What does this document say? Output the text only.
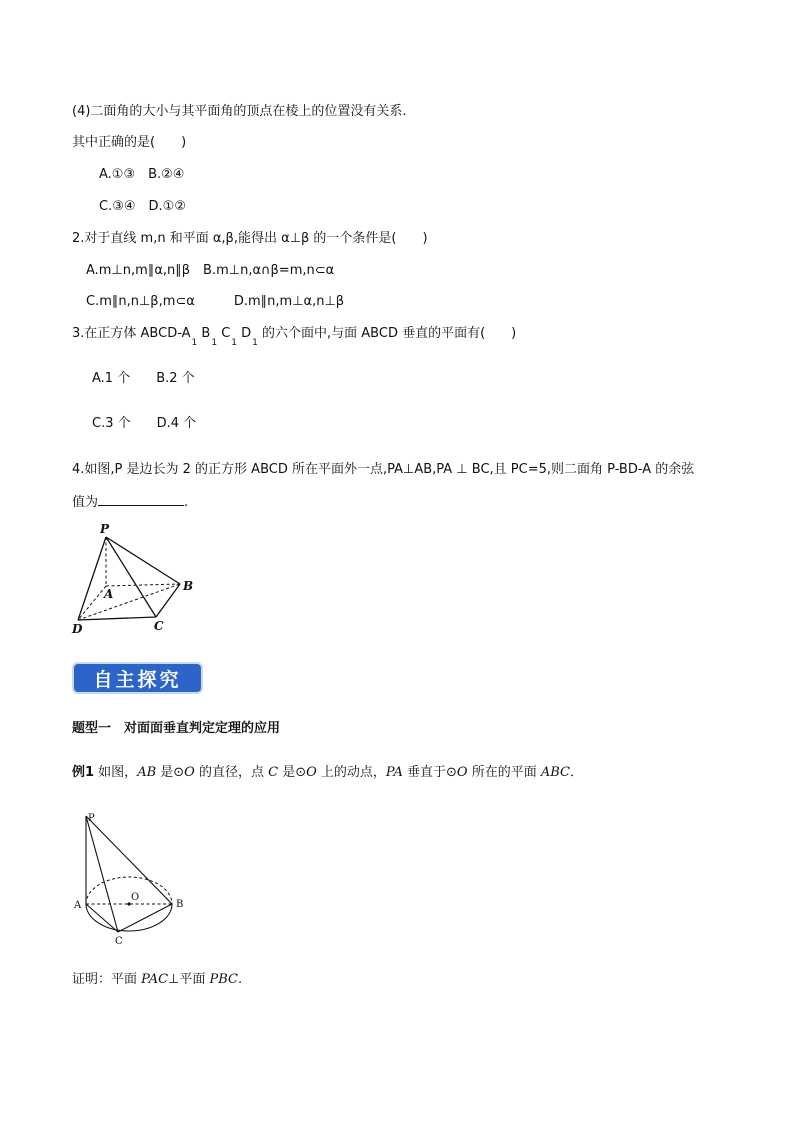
(4)二面角的大小与其平面角的顶点在棱上的位置没有关系.
其中正确的是(　　)
A.①③　B.②④
C.③④　D.①②
2.对于直线 m,n 和平面 α,β,能得出 α⊥β 的一个条件是(　　)
A.m⊥n,m∥α,n∥β　B.m⊥n,α∩β=m,n⊂α
C.m∥n,n⊥β,m⊂α　　　D.m∥n,m⊥α,n⊥β
3.在正方体 ABCD-$A_1$ $B_1$ $C_1$ $D_1$ 的六个面中,与面 ABCD 垂直的平面有(　　)
A.1 个　　B.2 个
C.3 个　　D.4 个
4.如图,P 是边长为 2 的正方形 ABCD 所在平面外一点,PA⊥AB,PA ⊥ BC,且 PC=5,则二面角 P-BD-A 的余弦
值为	.
P
A
B
C
D
自主探究
题型一　对面面垂直判定定理的应用
例1 如图，AB 是⊙O 的直径，点 C 是⊙O 上的动点，PA 垂直于⊙O 所在的平面 ABC．
P
O
A	B
C
证明：平面 PAC⊥平面 PBC.
